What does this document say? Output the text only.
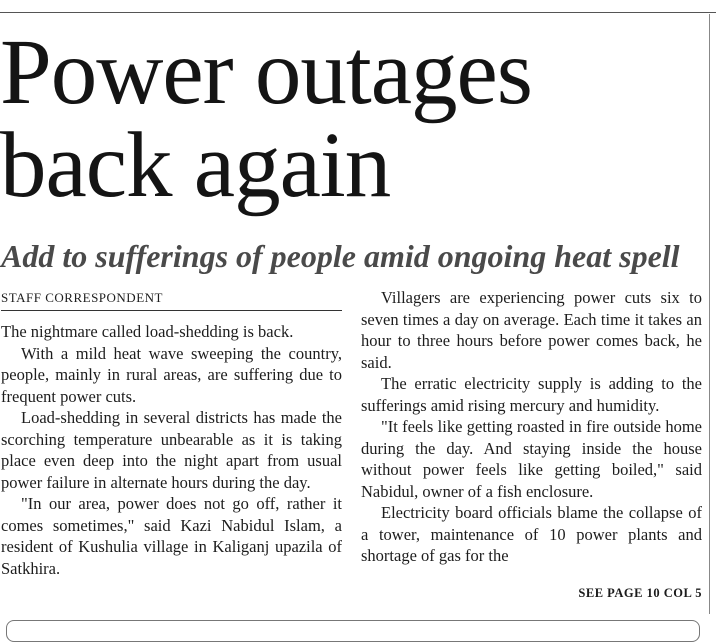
Power outages
back again
Add to sufferings of people amid ongoing heat spell
STAFF CORRESPONDENT

The nightmare called load-shedding is back.

With a mild heat wave sweeping the country, people, mainly in rural areas, are suffering due to frequent power cuts.

Load-shedding in several districts has made the scorching temperature unbearable as it is taking place even deep into the night apart from usual power failure in alternate hours during the day.

"In our area, power does not go off, rather it comes sometimes," said Kazi Nabidul Islam, a resident of Kushulia village in Kaliganj upazila of Satkhira.

Villagers are experiencing power cuts six to seven times a day on average. Each time it takes an hour to three hours before power comes back, he said.

The erratic electricity supply is adding to the sufferings amid rising mercury and humidity.

"It feels like getting roasted in fire outside home during the day. And staying inside the house without power feels like getting boiled," said Nabidul, owner of a fish enclosure.

Electricity board officials blame the collapse of a tower, maintenance of 10 power plants and shortage of gas for the

SEE PAGE 10 COL 5
